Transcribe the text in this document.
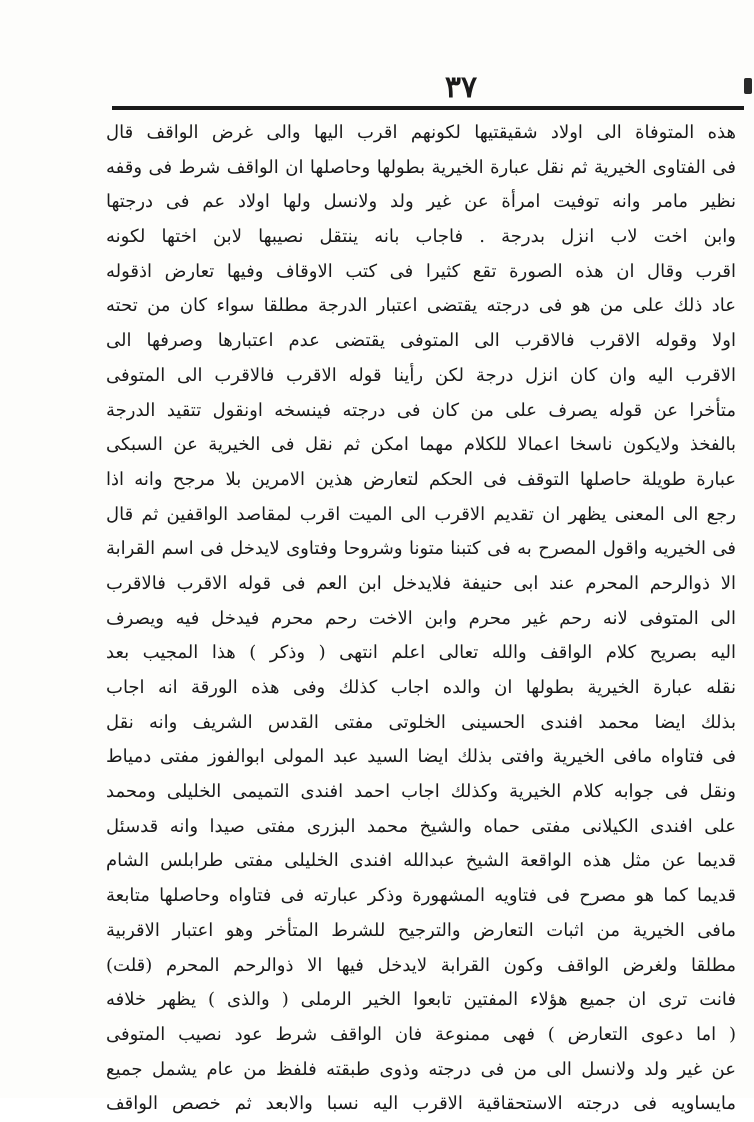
٣٧
هذه المتوفاة الى اولاد شقيقتيها لكونهم اقرب اليها والى غرض الواقف قال
فى الفتاوى الخيرية ثم نقل عبارة الخيرية بطولها وحاصلها ان الواقف شرط فى وقفه
نظير مامر وانه توفيت امرأة عن غير ولد ولانسل ولها اولاد عم فى درجتها
وابن اخت لاب انزل بدرجة . فاجاب بانه ينتقل نصيبها لابن اختها لكونه
اقرب وقال ان هذه الصورة تقع كثيرا فى كتب الاوقاف وفيها تعارض اذقوله
عاد ذلك على من هو فى درجته يقتضى اعتبار الدرجة مطلقا سواء كان من تحته
اولا وقوله الاقرب فالاقرب الى المتوفى يقتضى عدم اعتبارها وصرفها الى
الاقرب اليه وان كان انزل درجة لكن رأينا قوله الاقرب فالاقرب الى المتوفى
متأخرا عن قوله يصرف على من كان فى درجته فينسخه اونقول تتقيد الدرجة
بالفخذ ولايكون ناسخا اعمالا للكلام مهما امكن ثم نقل فى الخيرية عن السبكى
عبارة طويلة حاصلها التوقف فى الحكم لتعارض هذين الامرين بلا مرجح وانه اذا
رجع الى المعنى يظهر ان تقديم الاقرب الى الميت اقرب لمقاصد الواقفين ثم قال
فى الخيريه واقول المصرح به فى كتبنا متونا وشروحا وفتاوى لايدخل فى اسم القرابة
الا ذوالرحم المحرم عند ابى حنيفة فلايدخل ابن العم فى قوله الاقرب فالاقرب
الى المتوفى لانه رحم غير محرم وابن الاخت رحم محرم فيدخل فيه ويصرف
اليه بصريح كلام الواقف والله تعالى اعلم انتهى ( وذكر ) هذا المجيب بعد
نقله عبارة الخيرية بطولها ان والده اجاب كذلك وفى هذه الورقة انه اجاب
بذلك ايضا محمد افندى الحسينى الخلوتى مفتى القدس الشريف وانه نقل
فى فتاواه مافى الخيرية وافتى بذلك ايضا السيد عبد المولى ابوالفوز مفتى دمياط
ونقل فى جوابه كلام الخيرية وكذلك اجاب احمد افندى التميمى الخليلى ومحمد
على افندى الكيلانى مفتى حماه والشيخ محمد البزرى مفتى صيدا وانه قدسئل
قديما عن مثل هذه الواقعة الشيخ عبدالله افندى الخليلى مفتى طرابلس الشام
قديما كما هو مصرح فى فتاويه المشهورة وذكر عبارته فى فتاواه وحاصلها متابعة
مافى الخيرية من اثبات التعارض والترجيح للشرط المتأخر وهو اعتبار الاقربية
مطلقا ولغرض الواقف وكون القرابة لايدخل فيها الا ذوالرحم المحرم (قلت)
فانت ترى ان جميع هؤلاء المفتين تابعوا الخير الرملى ( والذى ) يظهر خلافه
( اما دعوى التعارض ) فهى ممنوعة فان الواقف شرط عود نصيب المتوفى
عن غير ولد ولانسل الى من فى درجته وذوى طبقته فلفظ من عام يشمل جميع
مايساويه فى درجته الاستحقاقية الاقرب اليه نسبا والابعد ثم خصص الواقف
